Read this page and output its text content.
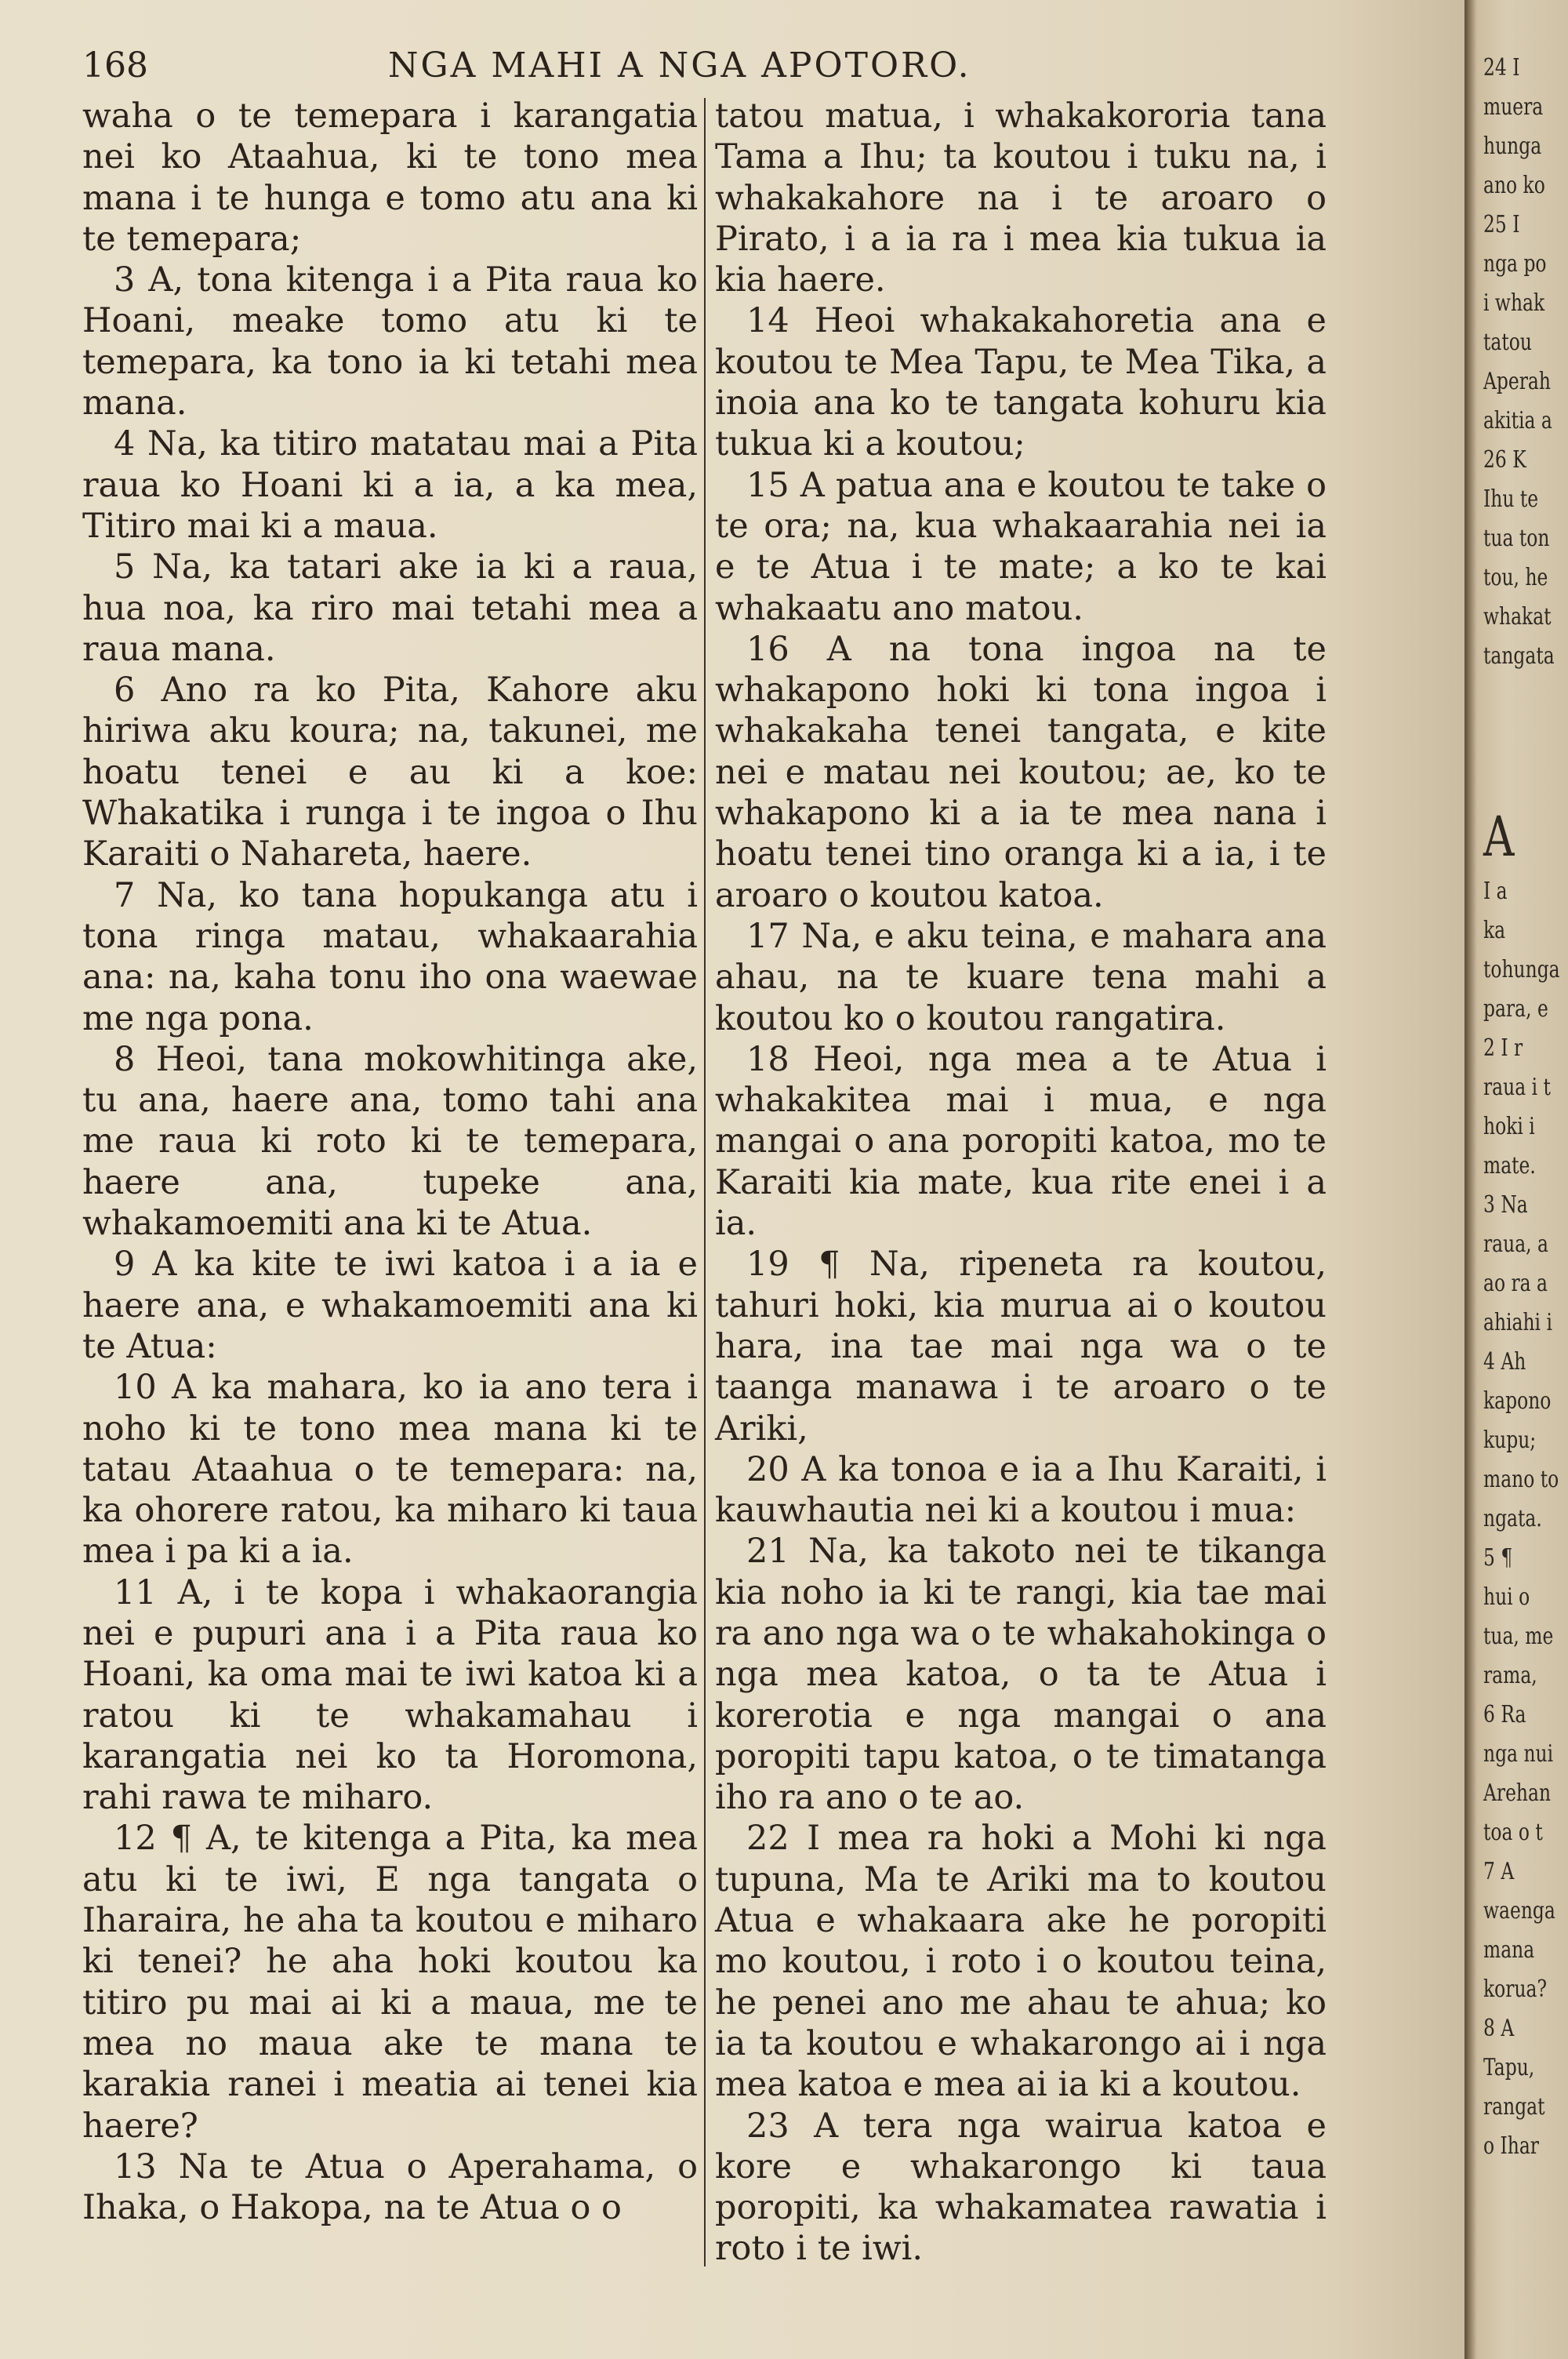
168	NGA MAHI A NGA APOTORO.

waha o te temepara i karangatia nei ko Ataahua, ki te tono mea mana i te hunga e tomo atu ana ki te temepara;

3 A, tona kitenga i a Pita raua ko Hoani, meake tomo atu ki te temepara, ka tono ia ki tetahi mea mana.

4 Na, ka titiro matatau mai a Pita raua ko Hoani ki a ia, a ka mea, Titiro mai ki a maua.

5 Na, ka tatari ake ia ki a raua, hua noa, ka riro mai tetahi mea a raua mana.

6 Ano ra ko Pita, Kahore aku hiriwa aku koura; na, takunei, me hoatu tenei e au ki a koe: Whakatika i runga i te ingoa o Ihu Karaiti o Nahareta, haere.

7 Na, ko tana hopukanga atu i tona ringa matau, whakaarahia ana: na, kaha tonu iho ona waewae me nga pona.

8 Heoi, tana mokowhitinga ake, tu ana, haere ana, tomo tahi ana me raua ki roto ki te temepara, haere ana, tupeke ana, whakamoemiti ana ki te Atua.

9 A ka kite te iwi katoa i a ia e haere ana, e whakamoemiti ana ki te Atua:

10 A ka mahara, ko ia ano tera i noho ki te tono mea mana ki te tatau Ataahua o te temepara: na, ka ohorere ratou, ka miharo ki taua mea i pa ki a ia.

11 A, i te kopa i whakaorangia nei e pupuri ana i a Pita raua ko Hoani, ka oma mai te iwi katoa ki a ratou ki te whakamahau i karangatia nei ko ta Horomona, rahi rawa te miharo.

12 ¶ A, te kitenga a Pita, ka mea atu ki te iwi, E nga tangata o Iharaira, he aha ta koutou e miharo ki tenei? he aha hoki koutou ka titiro pu mai ai ki a maua, me te mea no maua ake te mana te karakia ranei i meatia ai tenei kia haere?

13 Na te Atua o Aperahama, o Ihaka, o Hakopa, na te Atua o o

tatou matua, i whakakororia tana Tama a Ihu; ta koutou i tuku na, i whakakahore na i te aroaro o Pirato, i a ia ra i mea kia tukua ia kia haere.

14 Heoi whakakahoretia ana e koutou te Mea Tapu, te Mea Tika, a inoia ana ko te tangata kohuru kia tukua ki a koutou;

15 A patua ana e koutou te take o te ora; na, kua whakaarahia nei ia e te Atua i te mate; a ko te kai whakaatu ano matou.

16 A na tona ingoa na te whakapono hoki ki tona ingoa i whakakaha tenei tangata, e kite nei e matau nei koutou; ae, ko te whakapono ki a ia te mea nana i hoatu tenei tino oranga ki a ia, i te aroaro o koutou katoa.

17 Na, e aku teina, e mahara ana ahau, na te kuare tena mahi a koutou ko o koutou rangatira.

18 Heoi, nga mea a te Atua i whakakitea mai i mua, e nga mangai o ana poropiti katoa, mo te Karaiti kia mate, kua rite enei i a ia.

19 ¶ Na, ripeneta ra koutou, tahuri hoki, kia murua ai o koutou hara, ina tae mai nga wa o te taanga manawa i te aroaro o te Ariki,

20 A ka tonoa e ia a Ihu Karaiti, i kauwhautia nei ki a koutou i mua:

21 Na, ka takoto nei te tikanga kia noho ia ki te rangi, kia tae mai ra ano nga wa o te whakahokinga o nga mea katoa, o ta te Atua i korerotia e nga mangai o ana poropiti tapu katoa, o te timatanga iho ra ano o te ao.

22 I mea ra hoki a Mohi ki nga tupuna, Ma te Ariki ma to koutou Atua e whakaara ake he poropiti mo koutou, i roto i o koutou teina, he penei ano me ahau te ahua; ko ia ta koutou e whakarongo ai i nga mea katoa e mea ai ia ki a koutou.

23 A tera nga wairua katoa e kore e whakarongo ki taua poropiti, ka whakamatea rawatia i roto i te iwi.

24 I
muera
hunga
ano ko
25 I
nga po
i whak
tatou
Aperah
akitia a
26 K
Ihu te
tua ton
tou, he
whakat
tangata
A
I a
ka
tohunga
para, e
2 I r
raua i t
hoki i
mate.
3 Na
raua, a
ao ra a
ahiahi i
4 Ah
kapono
kupu;
mano to
ngata.
5 ¶
hui o
tua, me
rama,
6 Ra
nga nui
Arehan
toa o t
7 A
waenga
mana
korua?
8 A
Tapu,
rangat
o Ihar
